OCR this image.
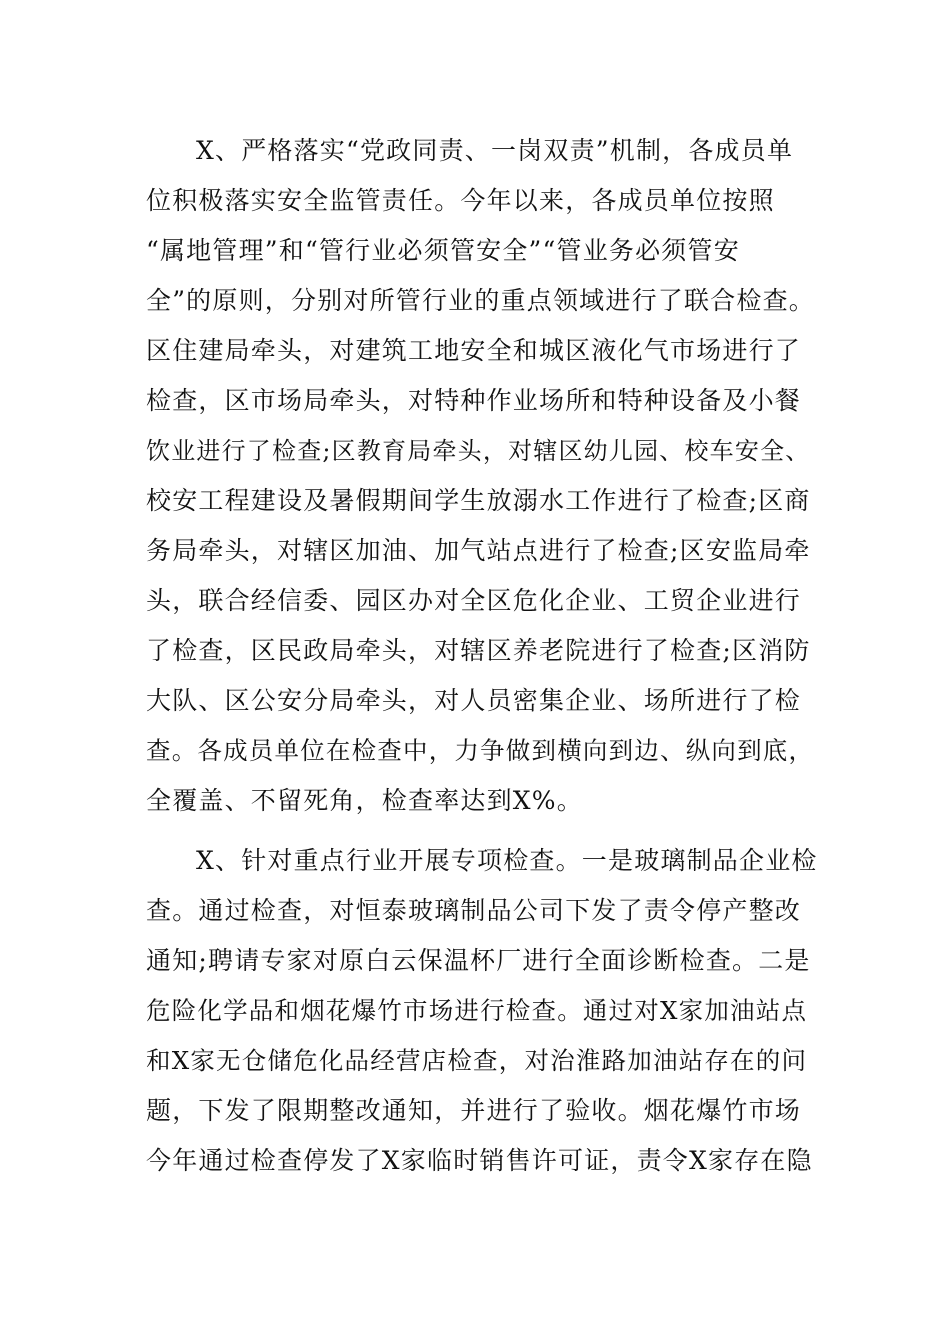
X、严格落实“党政同责、一岗双责”机制，各成员单
位积极落实安全监管责任。今年以来，各成员单位按照
“属地管理”和“管行业必须管安全”“管业务必须管安
全”的原则，分别对所管行业的重点领域进行了联合检查。
区住建局牵头，对建筑工地安全和城区液化气市场进行了
检查，区市场局牵头，对特种作业场所和特种设备及小餐
饮业进行了检查;区教育局牵头，对辖区幼儿园、校车安全、
校安工程建设及暑假期间学生放溺水工作进行了检查;区商
务局牵头，对辖区加油、加气站点进行了检查;区安监局牵
头，联合经信委、园区办对全区危化企业、工贸企业进行
了检查，区民政局牵头，对辖区养老院进行了检查;区消防
大队、区公安分局牵头，对人员密集企业、场所进行了检
查。各成员单位在检查中，力争做到横向到边、纵向到底，
全覆盖、不留死角，检查率达到X%。
X、针对重点行业开展专项检查。一是玻璃制品企业检
查。通过检查，对恒泰玻璃制品公司下发了责令停产整改
通知;聘请专家对原白云保温杯厂进行全面诊断检查。二是
危险化学品和烟花爆竹市场进行检查。通过对X家加油站点
和X家无仓储危化品经营店检查，对治淮路加油站存在的问
题，下发了限期整改通知，并进行了验收。烟花爆竹市场
今年通过检查停发了X家临时销售许可证，责令X家存在隐
